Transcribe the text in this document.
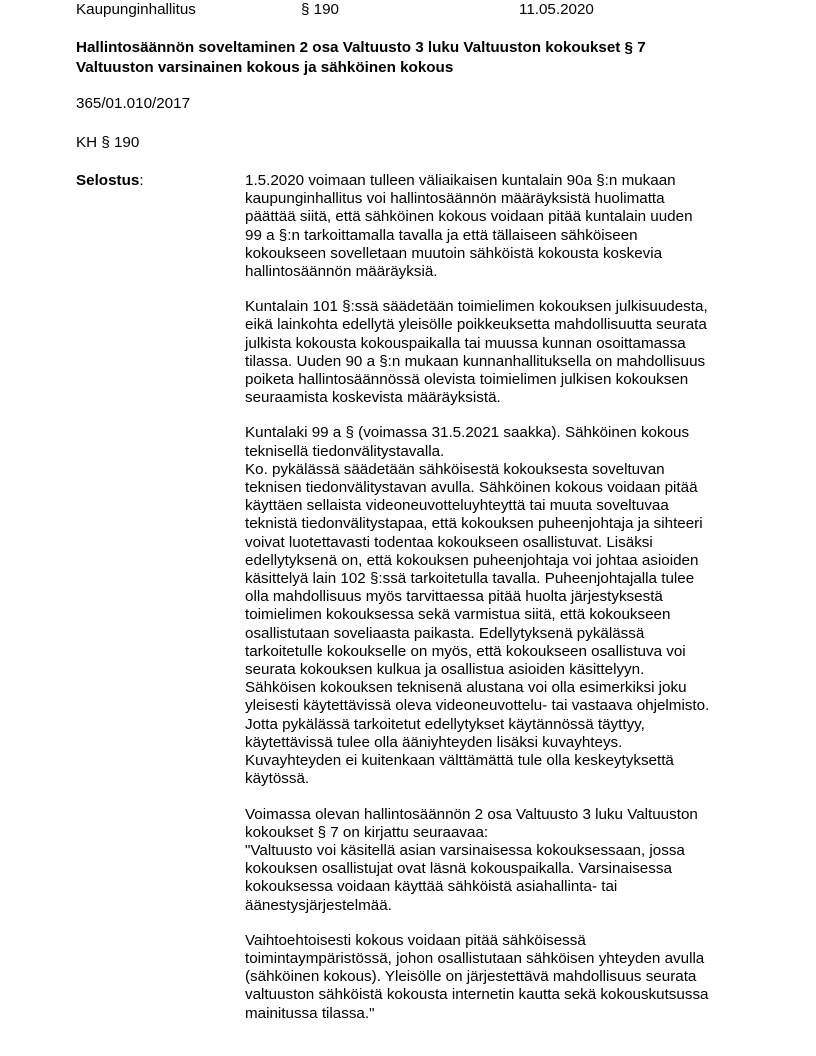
Kaupunginhallitus	§ 190	11.05.2020
Hallintosäännön soveltaminen 2 osa Valtuusto 3 luku Valtuuston kokoukset § 7
Valtuuston varsinainen kokous ja sähköinen kokous
365/01.010/2017
KH § 190
Selostus:	1.5.2020 voimaan tulleen väliaikaisen kuntalain 90a §:n mukaan
kaupunginhallitus voi hallintosäännön määräyksistä huolimatta
päättää siitä, että sähköinen kokous voidaan pitää kuntalain uuden
99 a §:n tarkoittamalla tavalla ja että tällaiseen sähköiseen
kokoukseen sovelletaan muutoin sähköistä kokousta koskevia
hallintosäännön määräyksiä.

Kuntalain 101 §:ssä säädetään toimielimen kokouksen julkisuudesta,
eikä lainkohta edellytä yleisölle poikkeuksetta mahdollisuutta seurata
julkista kokousta kokouspaikalla tai muussa kunnan osoittamassa
tilassa. Uuden 90 a §:n mukaan kunnanhallituksella on mahdollisuus
poiketa hallintosäännössä olevista toimielimen julkisen kokouksen
seuraamista koskevista määräyksistä.

Kuntalaki 99 a § (voimassa 31.5.2021 saakka). Sähköinen kokous
teknisellä tiedonvälitystavalla.
Ko. pykälässä säädetään sähköisestä kokouksesta soveltuvan
teknisen tiedonvälitystavan avulla. Sähköinen kokous voidaan pitää
käyttäen sellaista videoneuvotteluyhteyttä tai muuta soveltuvaa
teknistä tiedonvälitystapaa, että kokouksen puheenjohtaja ja sihteeri
voivat luotettavasti todentaa kokoukseen osallistuvat. Lisäksi
edellytyksenä on, että kokouksen puheenjohtaja voi johtaa asioiden
käsittelyä lain 102 §:ssä tarkoitetulla tavalla. Puheenjohtajalla tulee
olla mahdollisuus myös tarvittaessa pitää huolta järjestyksestä
toimielimen kokouksessa sekä varmistua siitä, että kokoukseen
osallistutaan soveliaasta paikasta. Edellytyksenä pykälässä
tarkoitetulle kokoukselle on myös, että kokoukseen osallistuva voi
seurata kokouksen kulkua ja osallistua asioiden käsittelyyn.
Sähköisen kokouksen teknisenä alustana voi olla esimerkiksi joku
yleisesti käytettävissä oleva videoneuvottelu- tai vastaava ohjelmisto.
Jotta pykälässä tarkoitetut edellytykset käytännössä täyttyy,
käytettävissä tulee olla ääniyhteyden lisäksi kuvayhteys.
Kuvayhteyden ei kuitenkaan välttämättä tule olla keskeytyksettä
käytössä.

Voimassa olevan hallintosäännön 2 osa Valtuusto 3 luku Valtuuston
kokoukset § 7 on kirjattu seuraavaa:
"Valtuusto voi käsitellä asian varsinaisessa kokouksessaan, jossa
kokouksen osallistujat ovat läsnä kokouspaikalla. Varsinaisessa
kokouksessa voidaan käyttää sähköistä asiahallinta- tai
äänestysjärjestelmää.

Vaihtoehtoisesti kokous voidaan pitää sähköisessä
toimintaympäristössä, johon osallistutaan sähköisen yhteyden avulla
(sähköinen kokous). Yleisölle on järjestettävä mahdollisuus seurata
valtuuston sähköistä kokousta internetin kautta sekä kokouskutsussa
mainitussa tilassa."
